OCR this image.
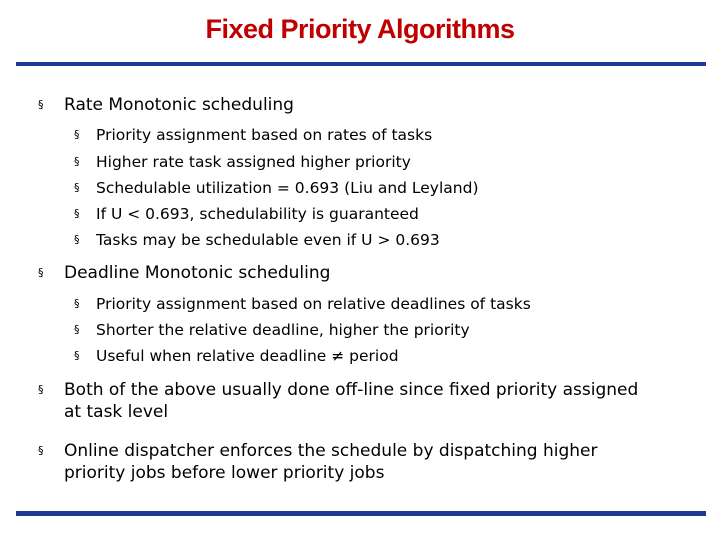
Fixed Priority Algorithms
§ Rate Monotonic scheduling
§ Priority assignment based on rates of tasks
§ Higher rate task assigned higher priority
§ Schedulable utilization = 0.693 (Liu and Leyland)
§ If U < 0.693, schedulability is guaranteed
§ Tasks may be schedulable even if U > 0.693
§ Deadline Monotonic scheduling
§ Priority assignment based on relative deadlines of tasks
§ Shorter the relative deadline, higher the priority
§ Useful when relative deadline ≠ period
§ Both of the above usually done off-line since fixed priority assigned
at task level
§ Online dispatcher enforces the schedule by dispatching higher
priority jobs before lower priority jobs
